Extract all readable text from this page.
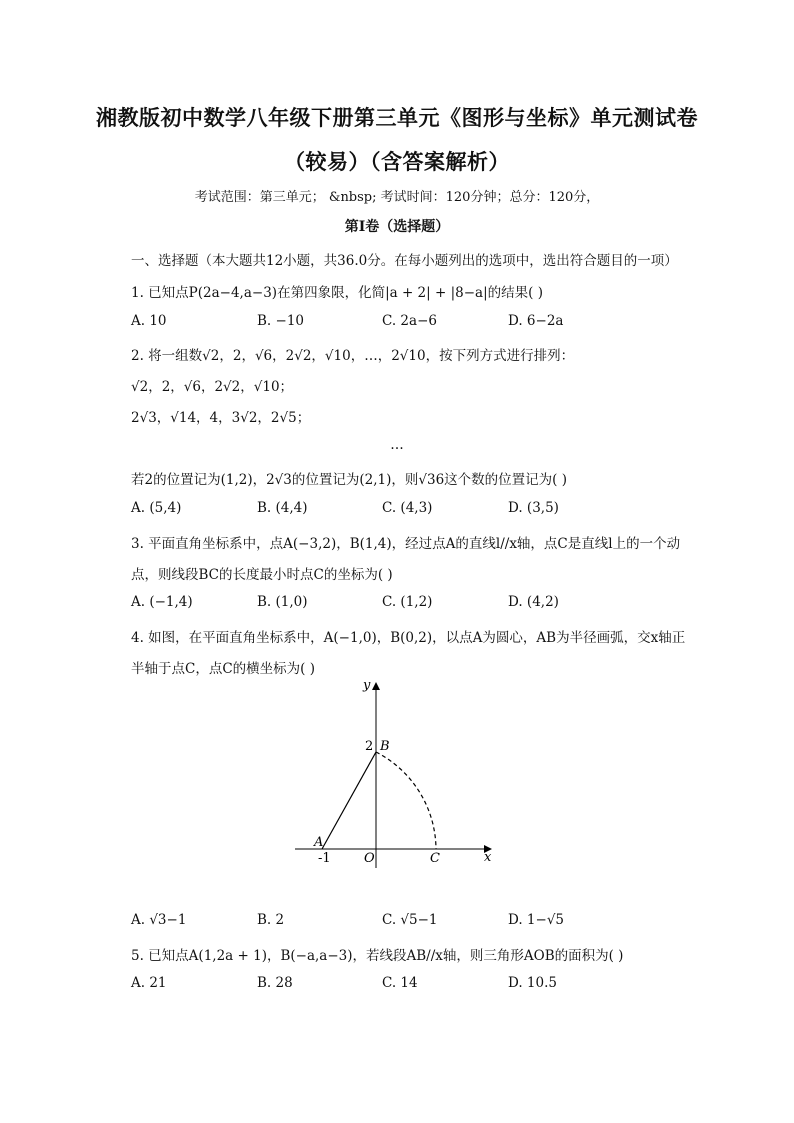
湘教版初中数学八年级下册第三单元《图形与坐标》单元测试卷
（较易）（含答案解析）
考试范围：第三单元； &nbsp; 考试时间：120分钟；总分：120分，
第Ⅰ卷（选择题）
一、选择题（本大题共12小题，共36.0分。在每小题列出的选项中，选出符合题目的一项）
1. 已知点P(2a−4,a−3)在第四象限，化简|a + 2| + |8−a|的结果( )
A. 10	B. −10	C. 2a−6	D. 6−2a
2. 将一组数√2，2，√6，2√2，√10，…，2√10，按下列方式进行排列：
√2，2，√6，2√2，√10；
2√3，√14，4，3√2，2√5；
…
若2的位置记为(1,2)，2√3的位置记为(2,1)，则√36这个数的位置记为( )
A. (5,4)	B. (4,4)	C. (4,3)	D. (3,5)
3. 平面直角坐标系中，点A(−3,2)，B(1,4)，经过点A的直线l//x轴，点C是直线l上的一个动
点，则线段BC的长度最小时点C的坐标为( )
A. (−1,4)	B. (1,0)	C. (1,2)	D. (4,2)
4. 如图，在平面直角坐标系中，A(−1,0)，B(0,2)，以点A为圆心，AB为半径画弧，交x轴正
半轴于点C，点C的横坐标为( )
y
x
2 B
A
-1	O	C
A. √3−1	B. 2	C. √5−1	D. 1−√5
5. 已知点A(1,2a + 1)，B(−a,a−3)，若线段AB//x轴，则三角形AOB的面积为( )
A. 21	B. 28	C. 14	D. 10.5
